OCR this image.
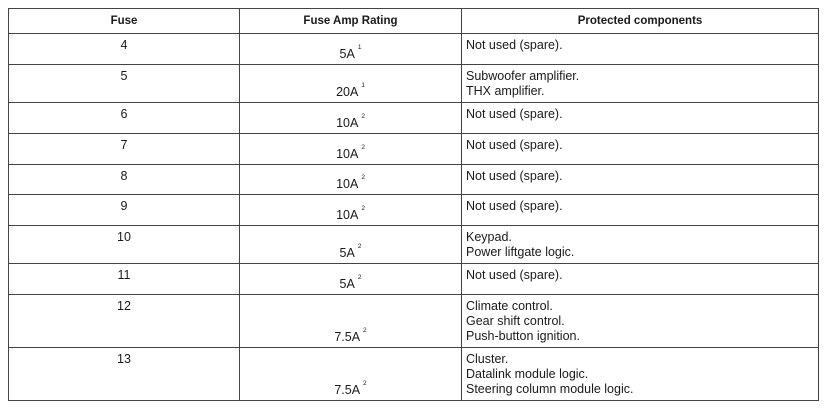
Fuse	Fuse Amp Rating	Protected components
4	5A $^1$	Not used (spare).

5	20A $^1$	Subwoofer amplifier.
THX amplifier.

6	10A $^2$	Not used (spare).

7	10A $^2$	Not used (spare).

8	10A $^2$	Not used (spare).

9	10A $^2$	Not used (spare).

10	5A $^2$	Keypad.
Power liftgate logic.

11	5A $^2$	Not used (spare).

12	7.5A $^2$	Climate control.
Gear shift control.
Push-button ignition.

13	7.5A $^2$	Cluster.
Datalink module logic.
Steering column module logic.
